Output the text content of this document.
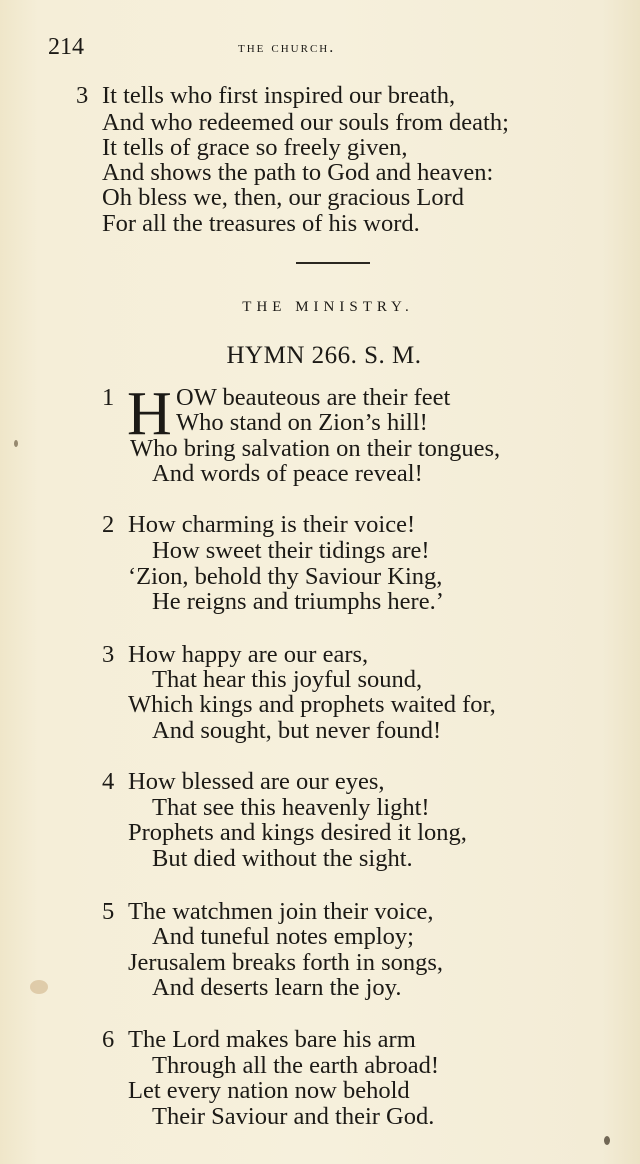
214	the church.
3 It tells who first inspired our breath,
And who redeemed our souls from death;
It tells of grace so freely given,
And shows the path to God and heaven:
Oh bless we, then, our gracious Lord
For all the treasures of his word.
THE MINISTRY.
HYMN 266. S. M.
1 H OW beauteous are their feet
Who stand on Zion’s hill!
Who bring salvation on their tongues,
And words of peace reveal!
2 How charming is their voice!
How sweet their tidings are!
‘Zion, behold thy Saviour King,
He reigns and triumphs here.’
3 How happy are our ears,
That hear this joyful sound,
Which kings and prophets waited for,
And sought, but never found!
4 How blessed are our eyes,
That see this heavenly light!
Prophets and kings desired it long,
But died without the sight.
5 The watchmen join their voice,
And tuneful notes employ;
Jerusalem breaks forth in songs,
And deserts learn the joy.
6 The Lord makes bare his arm
Through all the earth abroad!
Let every nation now behold
Their Saviour and their God.
